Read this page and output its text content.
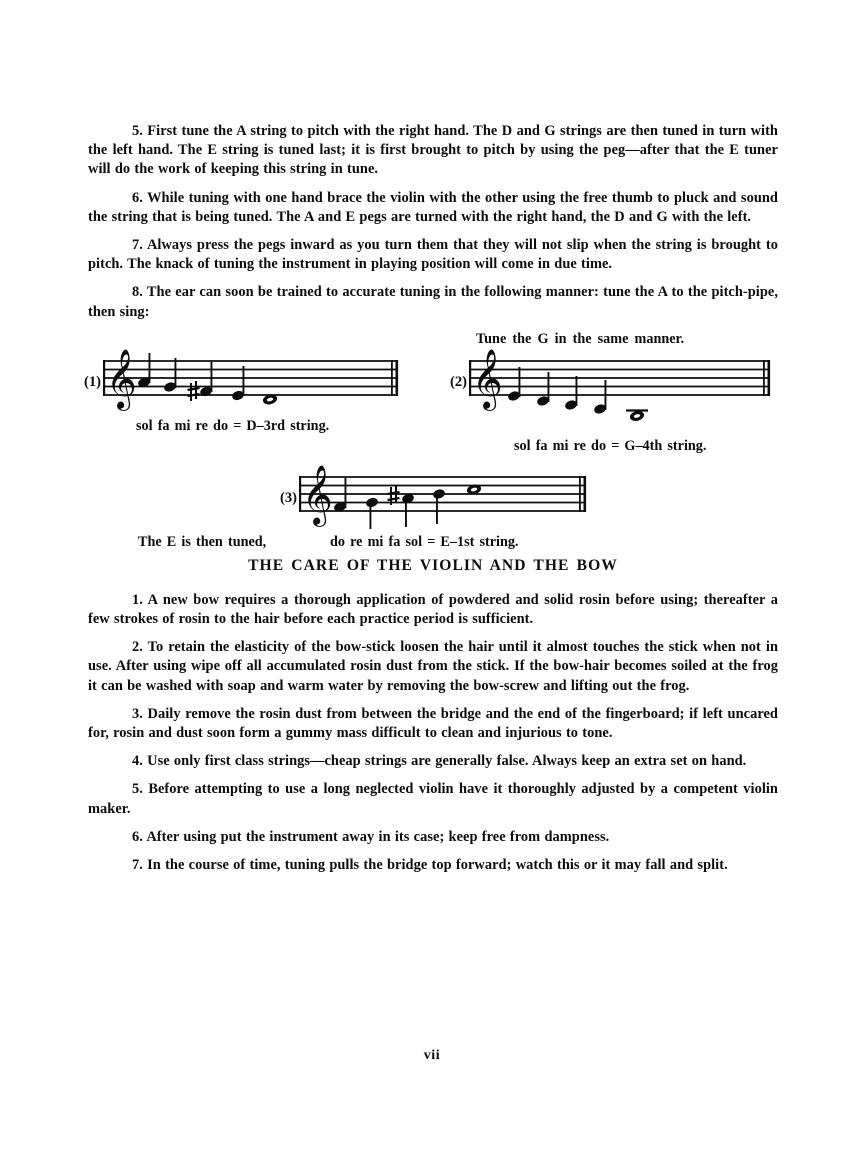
5. First tune the A string to pitch with the right hand. The D and G strings are then tuned in turn with the left hand. The E string is tuned last; it is first brought to pitch by using the peg—after that the E tuner will do the work of keeping this string in tune.

6. While tuning with one hand brace the violin with the other using the free thumb to pluck and sound the string that is being tuned. The A and E pegs are turned with the right hand, the D and G with the left.

7. Always press the pegs inward as you turn them that they will not slip when the string is brought to pitch. The knack of tuning the instrument in playing position will come in due time.

8. The ear can soon be trained to accurate tuning in the following manner: tune the A to the pitch-pipe, then sing:

(1) 𝄞
sol fa mi re do = D–3rd string.
Tune the G in the same manner.
(2) 𝄞
sol fa mi re do = G–4th string.
(3) 𝄞
The E is then tuned,	do re mi fa sol = E–1st string.
THE CARE OF THE VIOLIN AND THE BOW

1. A new bow requires a thorough application of powdered and solid rosin before using; thereafter a few strokes of rosin to the hair before each practice period is sufficient.

2. To retain the elasticity of the bow-stick loosen the hair until it almost touches the stick when not in use. After using wipe off all accumulated rosin dust from the stick. If the bow-hair becomes soiled at the frog it can be washed with soap and warm water by removing the bow-screw and lifting out the frog.

3. Daily remove the rosin dust from between the bridge and the end of the fingerboard; if left uncared for, rosin and dust soon form a gummy mass difficult to clean and injurious to tone.

4. Use only first class strings—cheap strings are generally false. Always keep an extra set on hand.

5. Before attempting to use a long neglected violin have it thoroughly adjusted by a competent violin maker.

6. After using put the instrument away in its case; keep free from dampness.

7. In the course of time, tuning pulls the bridge top forward; watch this or it may fall and split.

vii
